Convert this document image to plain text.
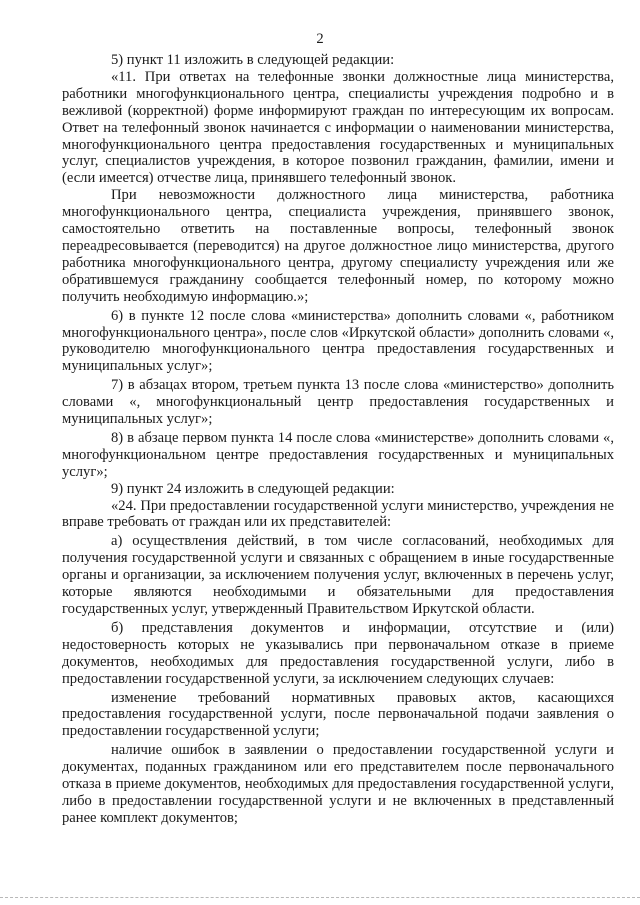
2

5) пункт 11 изложить в следующей редакции:

«11. При ответах на телефонные звонки должностные лица министерства, работники многофункционального центра, специалисты учреждения подробно и в вежливой (корректной) форме информируют граждан по интересующим их вопросам. Ответ на телефонный звонок начинается с информации о наименовании министерства, многофункционального центра предоставления государственных и муниципальных услуг, специалистов учреждения, в которое позвонил гражданин, фамилии, имени и (если имеется) отчестве лица, принявшего телефонный звонок.

При невозможности должностного лица министерства, работника многофункционального центра, специалиста учреждения, принявшего звонок, самостоятельно ответить на поставленные вопросы, телефонный звонок переадресовывается (переводится) на другое должностное лицо министерства, другого работника многофункционального центра, другому специалисту учреждения или же обратившемуся гражданину сообщается телефонный номер, по которому можно получить необходимую информацию.»;

6) в пункте 12 после слова «министерства» дополнить словами «, работником многофункционального центра», после слов «Иркутской области» дополнить словами «, руководителю многофункционального центра предоставления государственных и муниципальных услуг»;

7) в абзацах втором, третьем пункта 13 после слова «министерство» дополнить словами «, многофункциональный центр предоставления государственных и муниципальных услуг»;

8) в абзаце первом пункта 14 после слова «министерстве» дополнить словами «, многофункциональном центре предоставления государственных и муниципальных услуг»;

9) пункт 24 изложить в следующей редакции:

«24. При предоставлении государственной услуги министерство, учреждения не вправе требовать от граждан или их представителей:

а) осуществления действий, в том числе согласований, необходимых для получения государственной услуги и связанных с обращением в иные государственные органы и организации, за исключением получения услуг, включенных в перечень услуг, которые являются необходимыми и обязательными для предоставления государственных услуг, утвержденный Правительством Иркутской области.

б) представления документов и информации, отсутствие и (или) недостоверность которых не указывались при первоначальном отказе в приеме документов, необходимых для предоставления государственной услуги, либо в предоставлении государственной услуги, за исключением следующих случаев:

изменение требований нормативных правовых актов, касающихся предоставления государственной услуги, после первоначальной подачи заявления о предоставлении государственной услуги;

наличие ошибок в заявлении о предоставлении государственной услуги и документах, поданных гражданином или его представителем после первоначального отказа в приеме документов, необходимых для предоставления государственной услуги, либо в предоставлении государственной услуги и не включенных в представленный ранее комплект документов;
